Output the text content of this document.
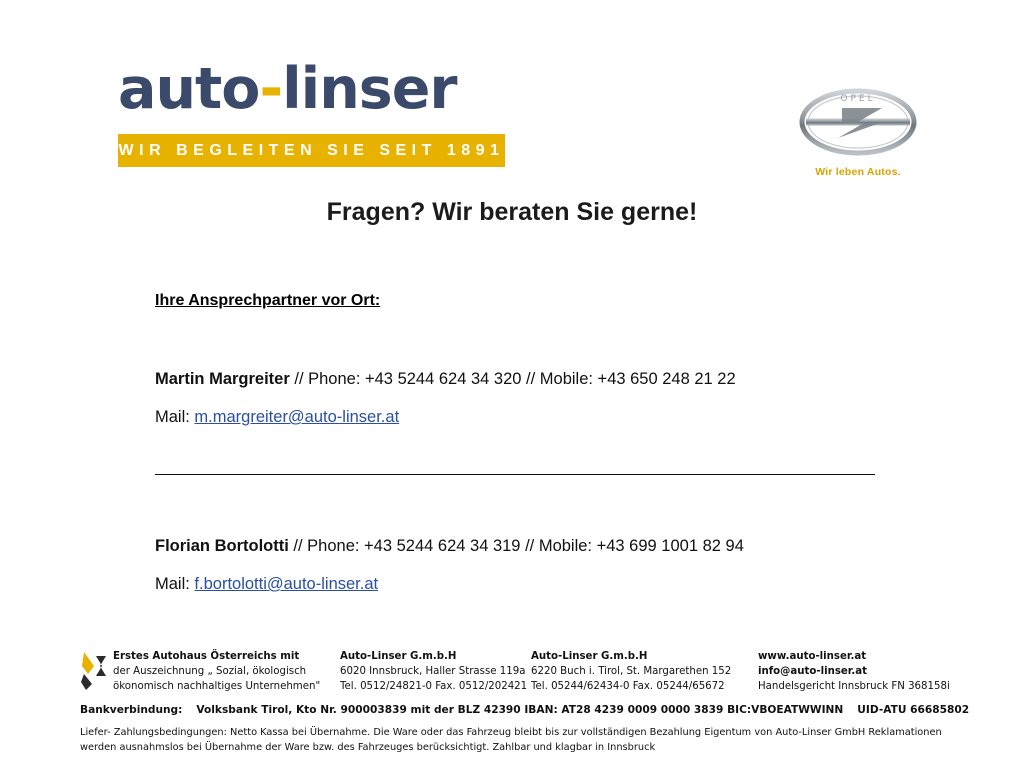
auto-linser
WIR BEGLEITEN SIE SEIT 1891
OPEL
Wir leben Autos.
Fragen? Wir beraten Sie gerne!
Ihre Ansprechpartner vor Ort:
Martin Margreiter // Phone: +43 5244 624 34 320 // Mobile: +43 650 248 21 22
Mail: m.margreiter@auto-linser.at
Florian Bortolotti // Phone: +43 5244 624 34 319 // Mobile: +43 699 1001 82 94
Mail: f.bortolotti@auto-linser.at
Erstes Autohaus Österreichs mit
der Auszeichnung „ Sozial, ökologisch
ökonomisch nachhaltiges Unternehmen"
Auto-Linser G.m.b.H
6020 Innsbruck, Haller Strasse 119a
Tel. 0512/24821-0 Fax. 0512/202421
Auto-Linser G.m.b.H
6220 Buch i. Tirol, St. Margarethen 152
Tel. 05244/62434-0 Fax. 05244/65672
www.auto-linser.at
info@auto-linser.at
Handelsgericht Innsbruck FN 368158i
Bankverbindung: Volksbank Tirol, Kto Nr. 900003839 mit der BLZ 42390 IBAN: AT28 4239 0009 0000 3839 BIC:VBOEATWWINN UID-ATU 66685802
Liefer- Zahlungsbedingungen: Netto Kassa bei Übernahme. Die Ware oder das Fahrzeug bleibt bis zur vollständigen Bezahlung Eigentum von Auto-Linser GmbH Reklamationen werden ausnahmslos bei Übernahme der Ware bzw. des Fahrzeuges berücksichtigt. Zahlbar und klagbar in Innsbruck
